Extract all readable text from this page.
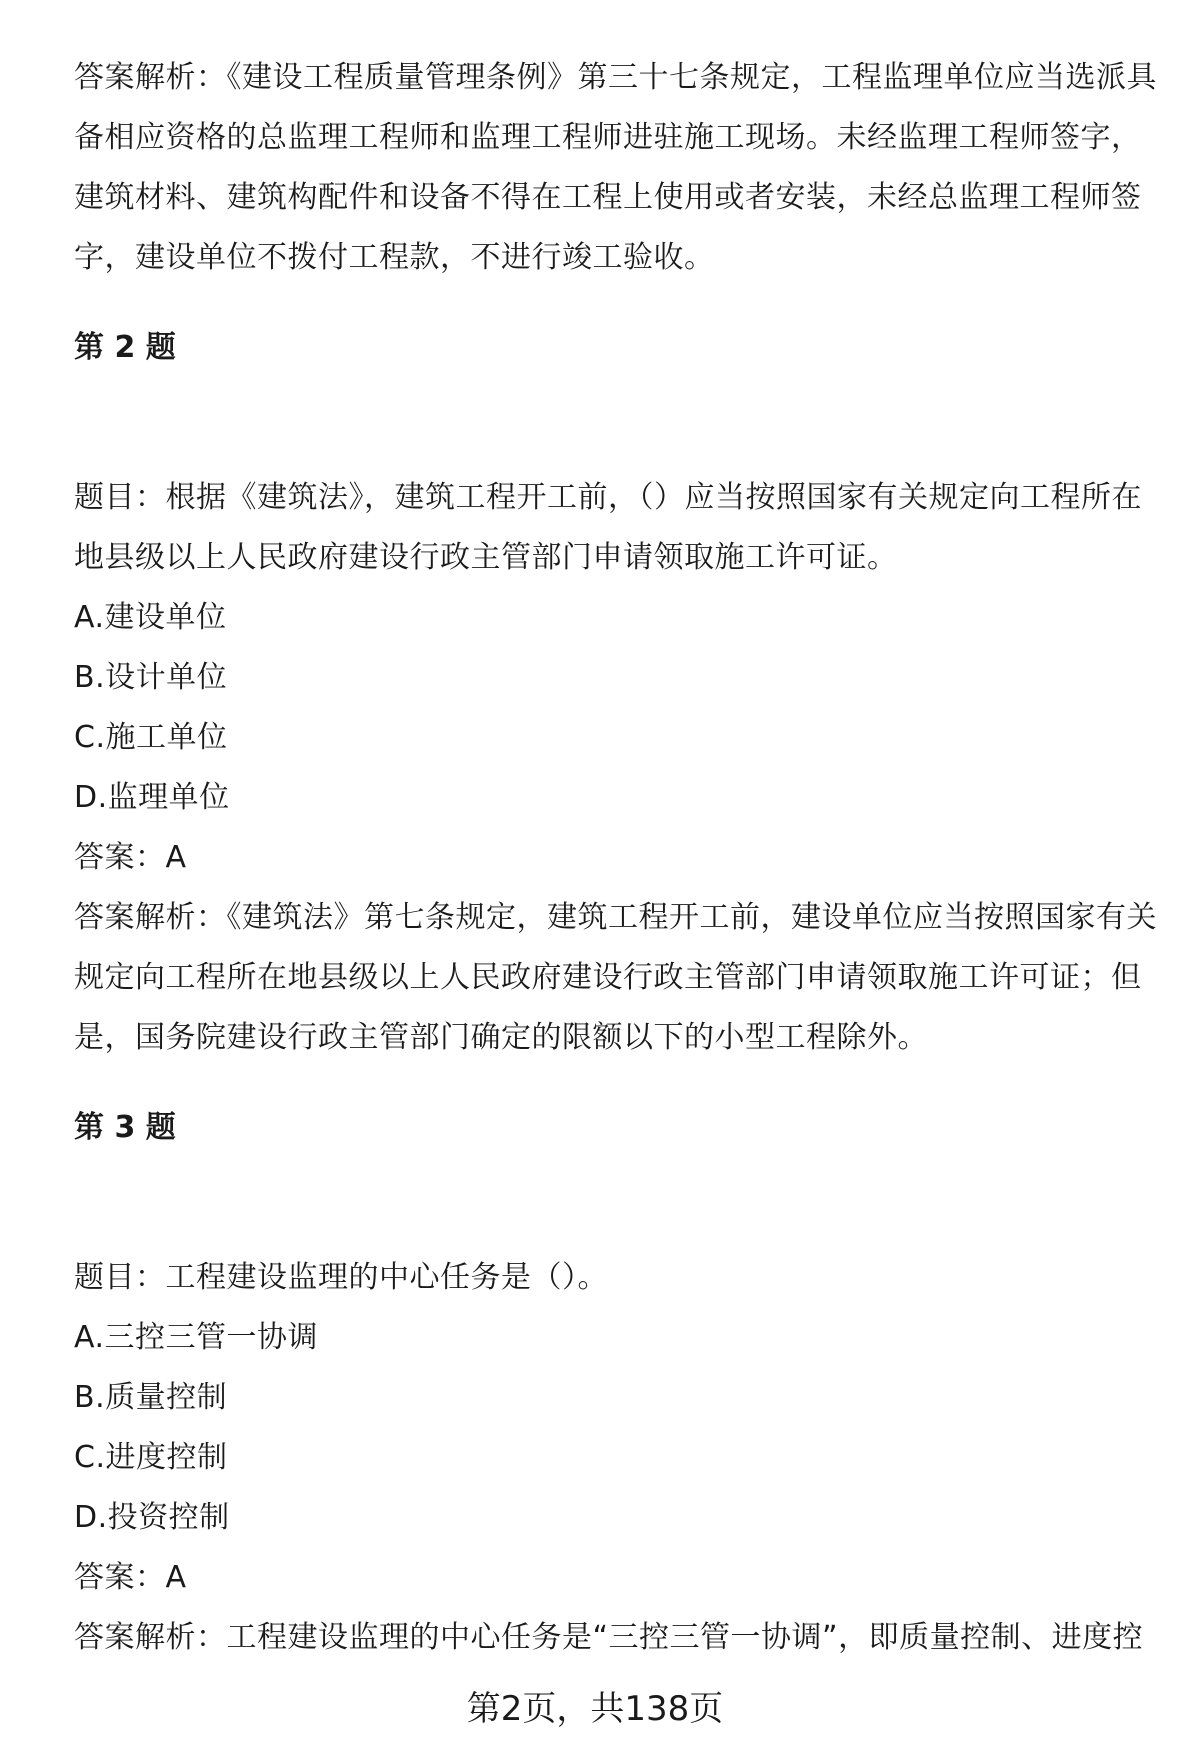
答案解析：《建设工程质量管理条例》第三十七条规定，工程监理单位应当选派具备相应资格的总监理工程师和监理工程师进驻施工现场。未经监理工程师签字，建筑材料、建筑构配件和设备不得在工程上使用或者安装，未经总监理工程师签字，建设单位不拨付工程款，不进行竣工验收。

第 2 题

题目：根据《建筑法》，建筑工程开工前，（）应当按照国家有关规定向工程所在地县级以上人民政府建设行政主管部门申请领取施工许可证。

A.建设单位

B.设计单位

C.施工单位

D.监理单位

答案：A

答案解析：《建筑法》第七条规定，建筑工程开工前，建设单位应当按照国家有关规定向工程所在地县级以上人民政府建设行政主管部门申请领取施工许可证；但是，国务院建设行政主管部门确定的限额以下的小型工程除外。

第 3 题

题目：工程建设监理的中心任务是（）。

A.三控三管一协调

B.质量控制

C.进度控制

D.投资控制

答案：A

答案解析：工程建设监理的中心任务是“三控三管一协调”，即质量控制、进度控

第2页，共138页
